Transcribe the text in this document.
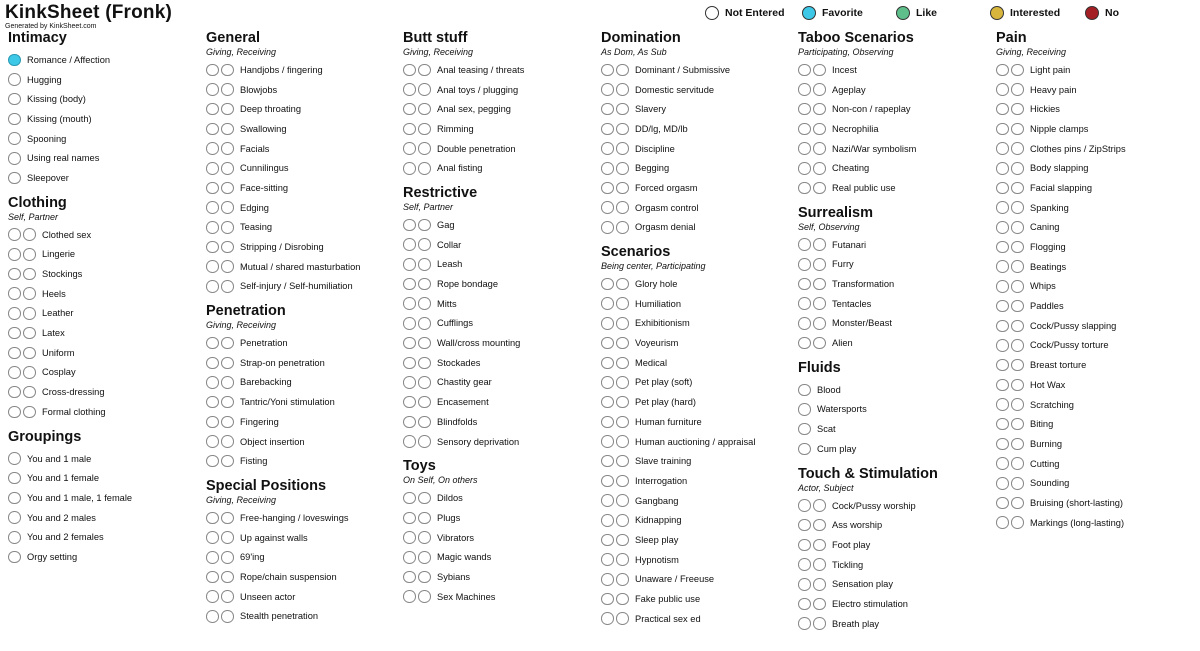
KinkSheet (Fronk)
Generated by KinkSheet.com
Not Entered	Favorite	Like	Interested	No
Intimacy
Romance / Affection
Hugging
Kissing (body)
Kissing (mouth)
Spooning
Using real names
Sleepover
Clothing
Self, Partner
Clothed sex
Lingerie
Stockings
Heels
Leather
Latex
Uniform
Cosplay
Cross-dressing
Formal clothing
Groupings
You and 1 male
You and 1 female
You and 1 male, 1 female
You and 2 males
You and 2 females
Orgy setting
General
Giving, Receiving
Handjobs / fingering
Blowjobs
Deep throating
Swallowing
Facials
Cunnilingus
Face-sitting
Edging
Teasing
Stripping / Disrobing
Mutual / shared masturbation
Self-injury / Self-humiliation
Penetration
Giving, Receiving
Penetration
Strap-on penetration
Barebacking
Tantric/Yoni stimulation
Fingering
Object insertion
Fisting
Special Positions
Giving, Receiving
Free-hanging / loveswings
Up against walls
69'ing
Rope/chain suspension
Unseen actor
Stealth penetration
Butt stuff
Giving, Receiving
Anal teasing / threats
Anal toys / plugging
Anal sex, pegging
Rimming
Double penetration
Anal fisting
Restrictive
Self, Partner
Gag
Collar
Leash
Rope bondage
Mitts
Cufflings
Wall/cross mounting
Stockades
Chastity gear
Encasement
Blindfolds
Sensory deprivation
Toys
On Self, On others
Dildos
Plugs
Vibrators
Magic wands
Sybians
Sex Machines
Domination
As Dom, As Sub
Dominant / Submissive
Domestic servitude
Slavery
DD/lg, MD/lb
Discipline
Begging
Forced orgasm
Orgasm control
Orgasm denial
Scenarios
Being center, Participating
Glory hole
Humiliation
Exhibitionism
Voyeurism
Medical
Pet play (soft)
Pet play (hard)
Human furniture
Human auctioning / appraisal
Slave training
Interrogation
Gangbang
Kidnapping
Sleep play
Hypnotism
Unaware / Freeuse
Fake public use
Practical sex ed
Taboo Scenarios
Participating, Observing
Incest
Ageplay
Non-con / rapeplay
Necrophilia
Nazi/War symbolism
Cheating
Real public use
Surrealism
Self, Observing
Futanari
Furry
Transformation
Tentacles
Monster/Beast
Alien
Fluids
Blood
Watersports
Scat
Cum play
Touch & Stimulation
Actor, Subject
Cock/Pussy worship
Ass worship
Foot play
Tickling
Sensation play
Electro stimulation
Breath play
Pain
Giving, Receiving
Light pain
Heavy pain
Hickies
Nipple clamps
Clothes pins / ZipStrips
Body slapping
Facial slapping
Spanking
Caning
Flogging
Beatings
Whips
Paddles
Cock/Pussy slapping
Cock/Pussy torture
Breast torture
Hot Wax
Scratching
Biting
Burning
Cutting
Sounding
Bruising (short-lasting)
Markings (long-lasting)
